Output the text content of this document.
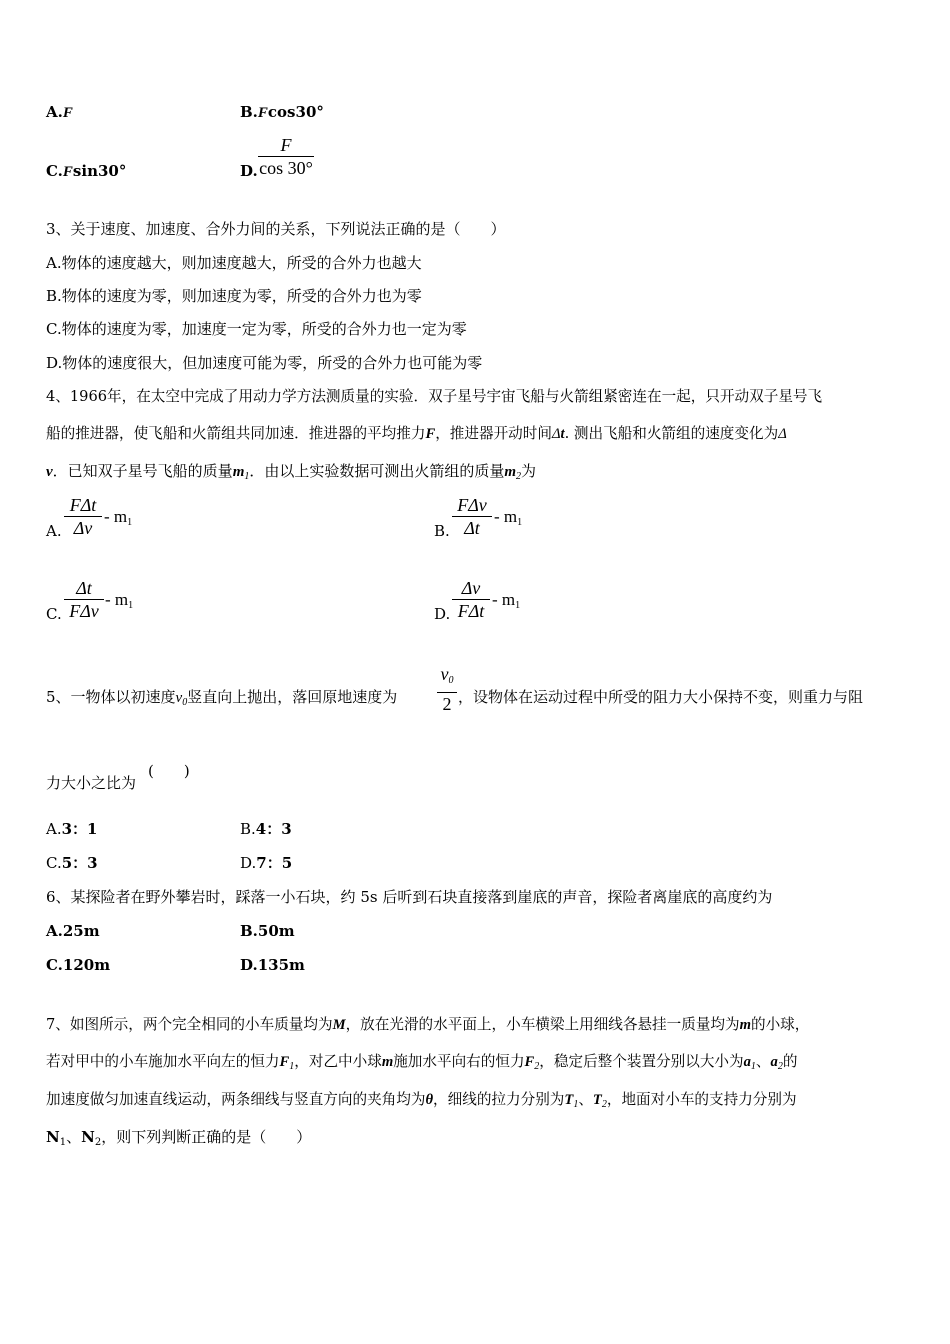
A.F	B.Fcos30°
C.Fsin30°	D.
F
cos 30°
3、关于速度、加速度、合外力间的关系，下列说法正确的是（　　）
A.物体的速度越大，则加速度越大，所受的合外力也越大
B.物体的速度为零，则加速度为零，所受的合外力也为零
C.物体的速度为零，加速度一定为零，所受的合外力也一定为零
D.物体的速度很大，但加速度可能为零，所受的合外力也可能为零
4、1966年，在太空中完成了用动力学方法测质量的实验．双子星号宇宙飞船与火箭组紧密连在一起，只开动双子星号飞
船的推进器，使飞船和火箭组共同加速．推进器的平均推力F，推进器开动时间Δt. 测出飞船和火箭组的速度变化为Δ
v．已知双子星号飞船的质量$m_1$．由以上实验数据可测出火箭组的质量$m_2$为
A.
FΔt
Δv
- $m_1$	B.
FΔv
Δt
- $m_1$
C.
Δt
FΔv
- $m_1$	D.
Δv
FΔt
- $m_1$
5、一物体以初速度$v_0$竖直向上抛出，落回原地速度为
$v_0$
2 ，设物体在运动过程中所受的阻力大小保持不变，则重力与阻
力大小之比为
(　　)
A.3：1	B.4：3
C.5：3	D.7：5
6、某探险者在野外攀岩时，踩落一小石块，约 5s 后听到石块直接落到崖底的声音，探险者离崖底的高度约为
A.25m	B.50m
C.120m	D.135m
7、如图所示，两个完全相同的小车质量均为M，放在光滑的水平面上，小车横梁上用细线各悬挂一质量均为m的小球，
若对甲中的小车施加水平向左的恒力$F_1$，对乙中小球m施加水平向右的恒力$F_2$，稳定后整个装置分别以大小为$a_1$、$a_2$的
加速度做匀加速直线运动，两条细线与竖直方向的夹角均为θ，细线的拉力分别为$T_1$、$T_2$，地面对小车的支持力分别为
$N_1$、$N_2$，则下列判断正确的是（　　）
